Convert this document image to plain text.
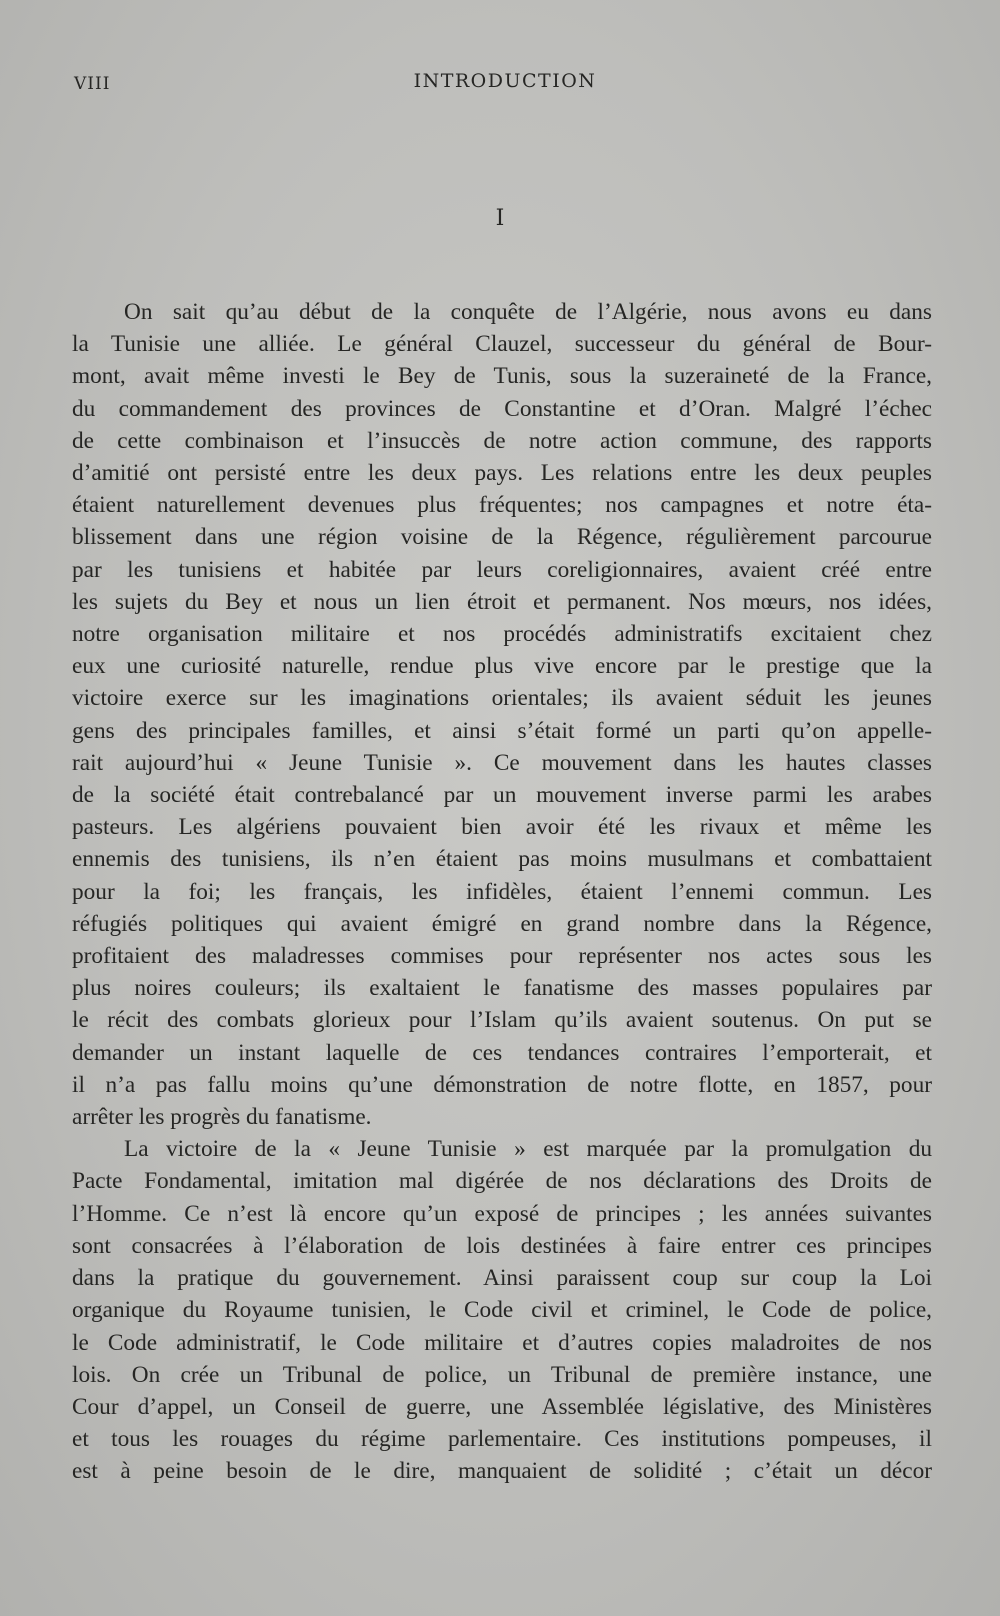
VIII	INTRODUCTION
I

On sait qu’au début de la conquête de l’Algérie, nous avons eu dans
la Tunisie une alliée. Le général Clauzel, successeur du général de Bour-
mont, avait même investi le Bey de Tunis, sous la suzeraineté de la France,
du commandement des provinces de Constantine et d’Oran. Malgré l’échec
de cette combinaison et l’insuccès de notre action commune, des rapports
d’amitié ont persisté entre les deux pays. Les relations entre les deux peuples
étaient naturellement devenues plus fréquentes; nos campagnes et notre éta-
blissement dans une région voisine de la Régence, régulièrement parcourue
par les tunisiens et habitée par leurs coreligionnaires, avaient créé entre
les sujets du Bey et nous un lien étroit et permanent. Nos mœurs, nos idées,
notre organisation militaire et nos procédés administratifs excitaient chez
eux une curiosité naturelle, rendue plus vive encore par le prestige que la
victoire exerce sur les imaginations orientales; ils avaient séduit les jeunes
gens des principales familles, et ainsi s’était formé un parti qu’on appelle-
rait aujourd’hui « Jeune Tunisie ». Ce mouvement dans les hautes classes
de la société était contrebalancé par un mouvement inverse parmi les arabes
pasteurs. Les algériens pouvaient bien avoir été les rivaux et même les
ennemis des tunisiens, ils n’en étaient pas moins musulmans et combattaient
pour la foi; les français, les infidèles, étaient l’ennemi commun. Les
réfugiés politiques qui avaient émigré en grand nombre dans la Régence,
profitaient des maladresses commises pour représenter nos actes sous les
plus noires couleurs; ils exaltaient le fanatisme des masses populaires par
le récit des combats glorieux pour l’Islam qu’ils avaient soutenus. On put se
demander un instant laquelle de ces tendances contraires l’emporterait, et
il n’a pas fallu moins qu’une démonstration de notre flotte, en 1857, pour
arrêter les progrès du fanatisme.

La victoire de la « Jeune Tunisie » est marquée par la promulgation du
Pacte Fondamental, imitation mal digérée de nos déclarations des Droits de
l’Homme. Ce n’est là encore qu’un exposé de principes ; les années suivantes
sont consacrées à l’élaboration de lois destinées à faire entrer ces principes
dans la pratique du gouvernement. Ainsi paraissent coup sur coup la Loi
organique du Royaume tunisien, le Code civil et criminel, le Code de police,
le Code administratif, le Code militaire et d’autres copies maladroites de nos
lois. On crée un Tribunal de police, un Tribunal de première instance, une
Cour d’appel, un Conseil de guerre, une Assemblée législative, des Ministères
et tous les rouages du régime parlementaire. Ces institutions pompeuses, il
est à peine besoin de le dire, manquaient de solidité ; c’était un décor
